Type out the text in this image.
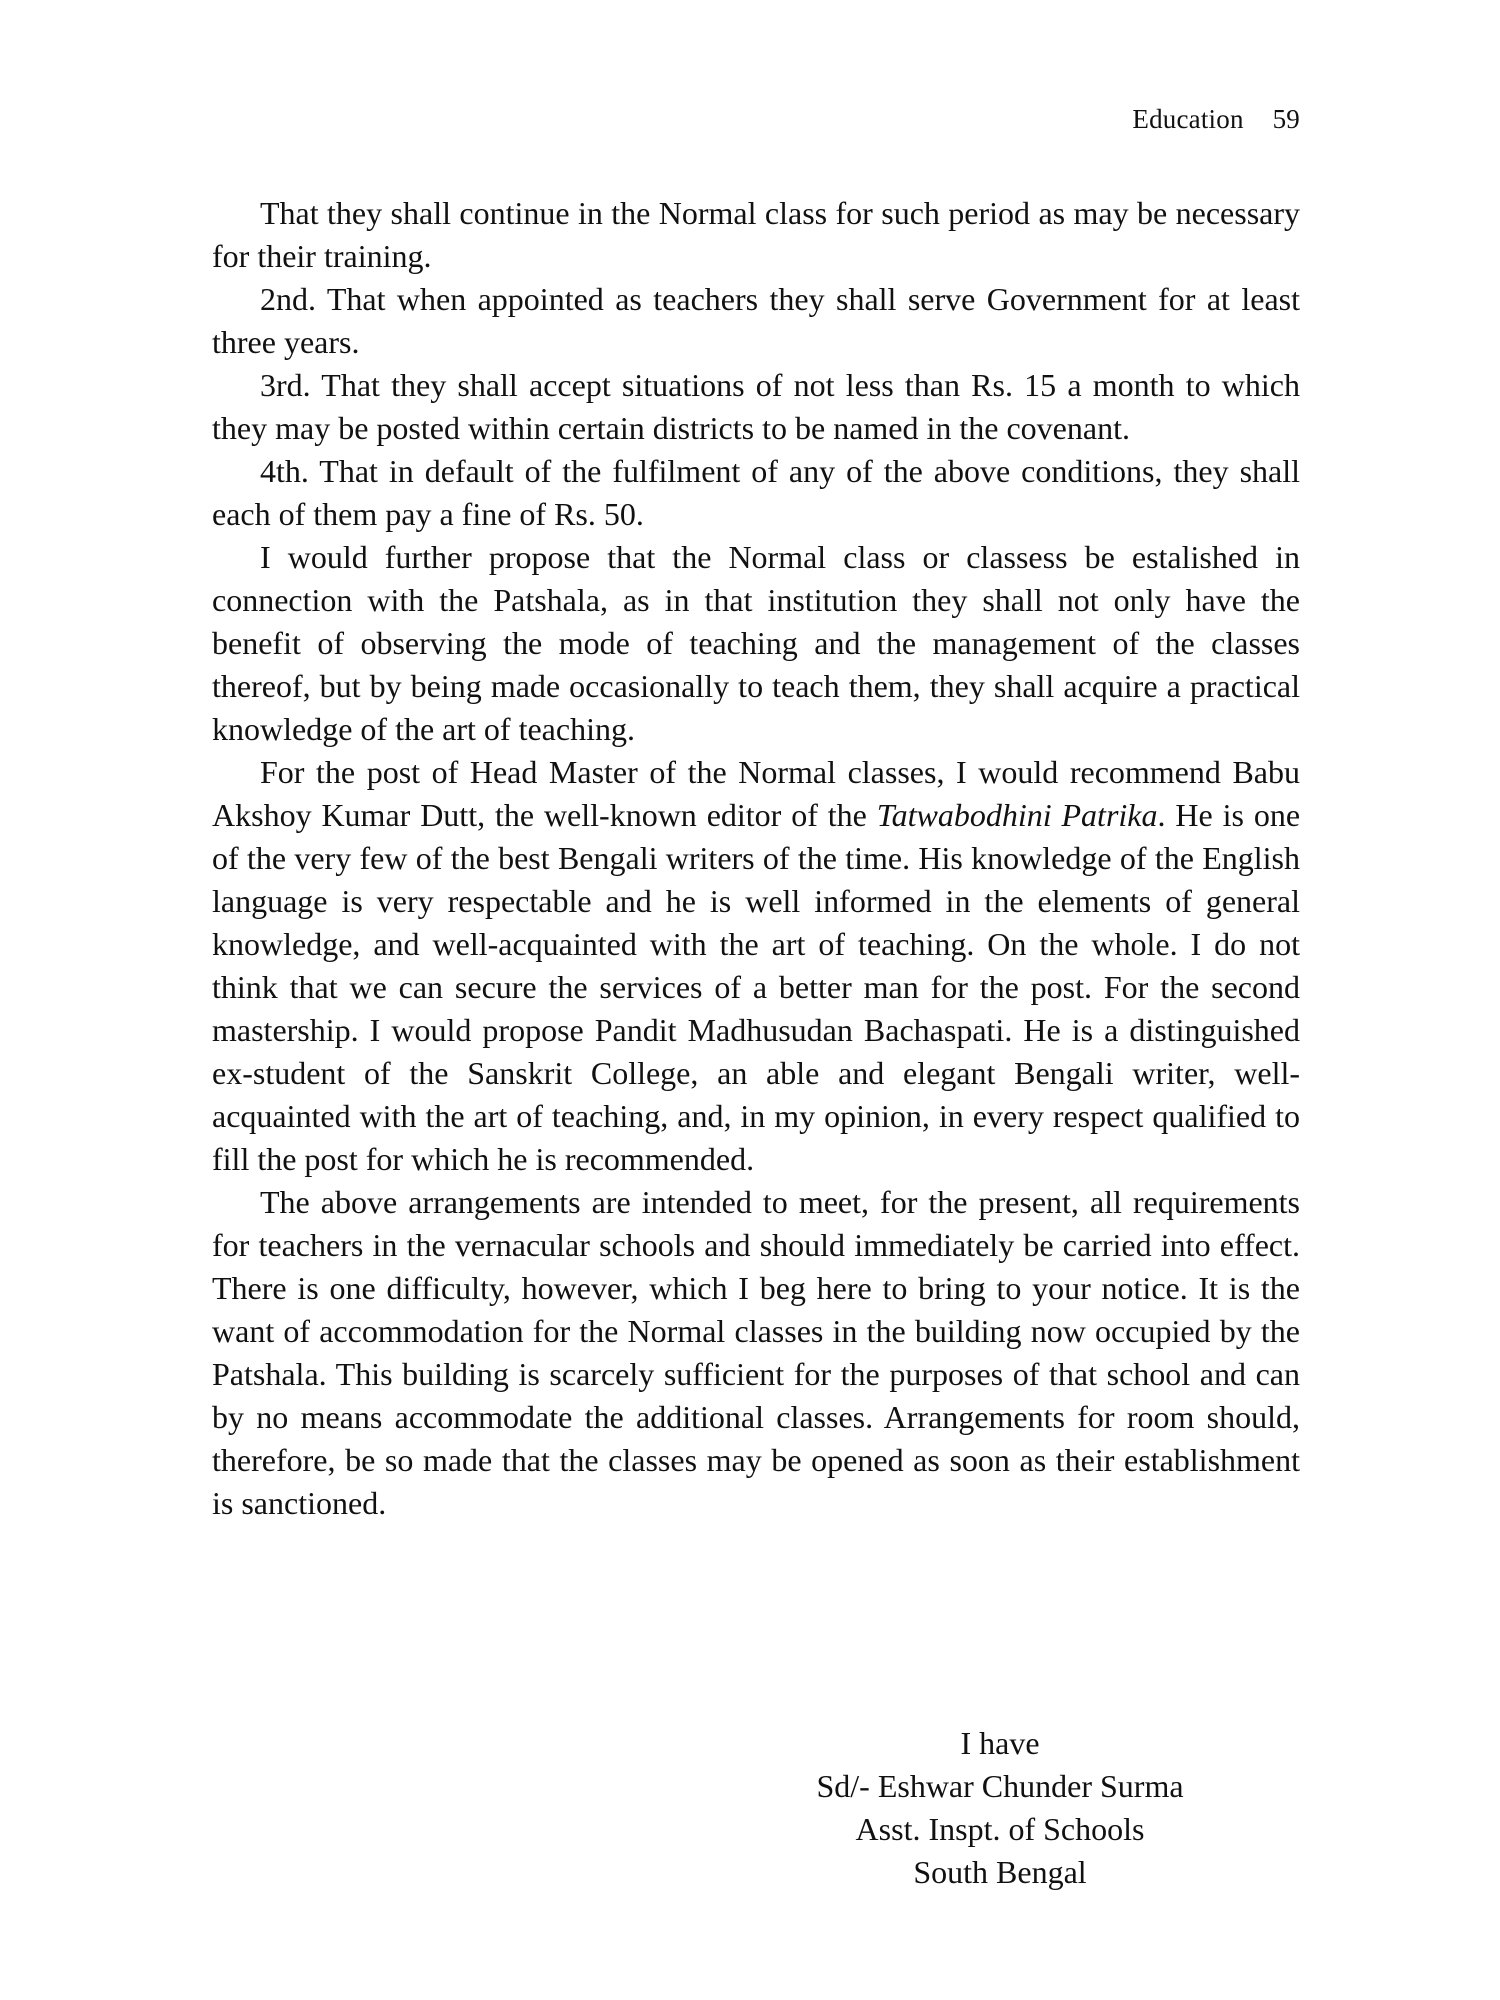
Education 59

That they shall continue in the Normal class for such period as may be necessary for their training.

2nd. That when appointed as teachers they shall serve Government for at least three years.

3rd. That they shall accept situations of not less than Rs. 15 a month to which they may be posted within certain districts to be named in the covenant.

4th. That in default of the fulfilment of any of the above conditions, they shall each of them pay a fine of Rs. 50.

I would further propose that the Normal class or classess be estalished in connection with the Patshala, as in that institution they shall not only have the benefit of observing the mode of teaching and the management of the classes thereof, but by being made occasionally to teach them, they shall acquire a practical knowledge of the art of teaching.

For the post of Head Master of the Normal classes, I would recommend Babu Akshoy Kumar Dutt, the well-known editor of the Tatwabodhini Patrika. He is one of the very few of the best Bengali writers of the time. His knowledge of the English language is very respectable and he is well informed in the elements of general knowledge, and well-acquainted with the art of teaching. On the whole. I do not think that we can secure the services of a better man for the post. For the second mastership. I would propose Pandit Madhusudan Bachaspati. He is a distinguished ex-student of the Sanskrit College, an able and elegant Bengali writer, well-acquainted with the art of teaching, and, in my opinion, in every respect qualified to fill the post for which he is recommended.

The above arrangements are intended to meet, for the present, all requirements for teachers in the vernacular schools and should immediately be carried into effect. There is one difficulty, however, which I beg here to bring to your notice. It is the want of accommodation for the Normal classes in the building now occupied by the Patshala. This building is scarcely sufficient for the purposes of that school and can by no means accommodate the additional classes. Arrangements for room should, therefore, be so made that the classes may be opened as soon as their establishment is sanctioned.

I have
Sd/- Eshwar Chunder Surma
Asst. Inspt. of Schools
South Bengal
